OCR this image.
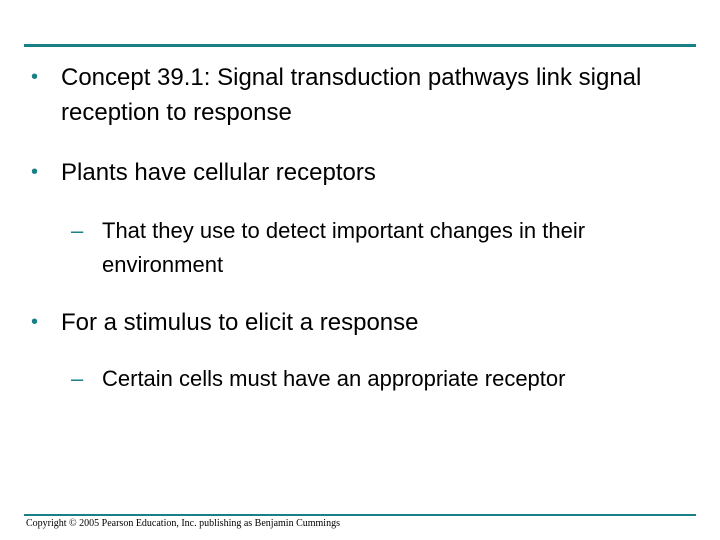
• Concept 39.1: Signal transduction pathways link signal reception to response
• Plants have cellular receptors
– That they use to detect important changes in their environment
• For a stimulus to elicit a response
– Certain cells must have an appropriate receptor
Copyright © 2005 Pearson Education, Inc. publishing as Benjamin Cummings
